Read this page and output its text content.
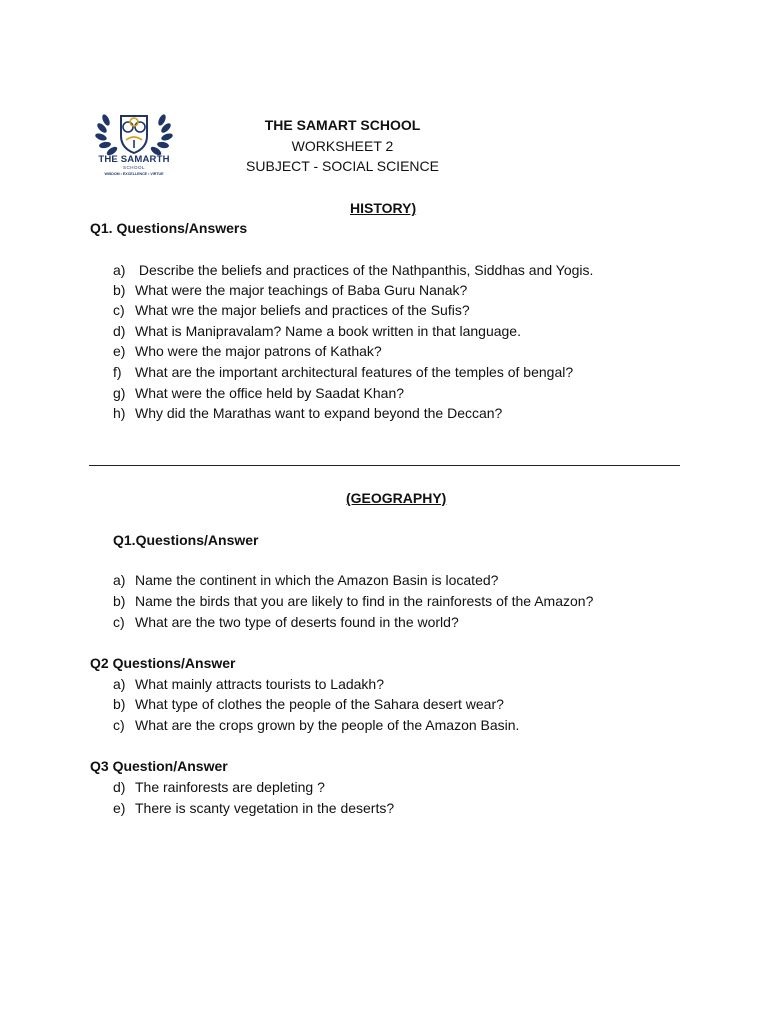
THE SAMARTH
SCHOOL
WISDOM • EXCELLENCE • VIRTUE
THE SAMART SCHOOL
WORKSHEET 2
SUBJECT - SOCIAL SCIENCE
HISTORY)
Q1. Questions/Answers
a) Describe the beliefs and practices of the Nathpanthis, Siddhas and Yogis.
b) What were the major teachings of Baba Guru Nanak?
c) What wre the major beliefs and practices of the Sufis?
d) What is Manipravalam? Name a book written in that language.
e) Who were the major patrons of Kathak?
f) What are the important architectural features of the temples of bengal?
g) What were the office held by Saadat Khan?
h) Why did the Marathas want to expand beyond the Deccan?
(GEOGRAPHY)
Q1.Questions/Answer
a) Name the continent in which the Amazon Basin is located?
b) Name the birds that you are likely to find in the rainforests of the Amazon?
c) What are the two type of deserts found in the world?
Q2 Questions/Answer
a) What mainly attracts tourists to Ladakh?
b) What type of clothes the people of the Sahara desert wear?
c) What are the crops grown by the people of the Amazon Basin.
Q3 Question/Answer
d) The rainforests are depleting ?
e) There is scanty vegetation in the deserts?
